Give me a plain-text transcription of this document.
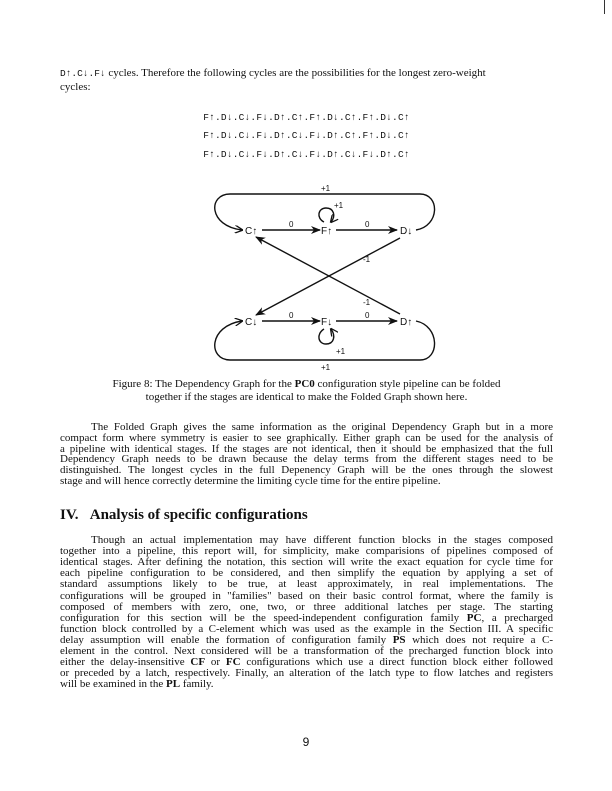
D↑.C↓.F↓ cycles. Therefore the following cycles are the possibilities for the longest zero-weight
cycles:
F↑.D↓.C↓.F↓.D↑.C↑.F↑.D↓.C↑.F↑.D↓.C↑
F↑.D↓.C↓.F↓.D↑.C↓.F↓.D↑.C↑.F↑.D↓.C↑
F↑.D↓.C↓.F↓.D↑.C↓.F↓.D↑.C↓.F↓.D↑.C↑
C↑	F↑	D↓
C↓	F↓	D↑
+1
+1
0	0
-1
-1
0	0
+1
+1
Figure 8: The Dependency Graph for the PC0 configuration style pipeline can be folded
together if the stages are identical to make the Folded Graph shown here.
The Folded Graph gives the same information as the original Dependency Graph but in a more
compact form where symmetry is easier to see graphically. Either graph can be used for the analysis of
a pipeline with identical stages. If the stages are not identical, then it should be emphasized that the full
Dependency Graph needs to be drawn because the delay terms from the different stages need to be
distinguished. The longest cycles in the full Depenency Graph will be the ones through the slowest
stage and will hence correctly determine the limiting cycle time for the entire pipeline.
IV. Analysis of specific configurations
Though an actual implementation may have different function blocks in the stages composed
together into a pipeline, this report will, for simplicity, make comparisions of pipelines composed of
identical stages. After defining the notation, this section will write the exact equation for cycle time for
each pipeline configuration to be considered, and then simplify the equation by applying a set of
standard assumptions likely to be true, at least approximately, in real implementations. The
configurations will be grouped in "families" based on their basic control format, where the family is
composed of members with zero, one, two, or three additional latches per stage. The starting
configuration for this section will be the speed-independent configuration family PC, a precharged
function block controlled by a C-element which was used as the example in the Section III. A specific
delay assumption will enable the formation of configuration family PS which does not require a C-
element in the control. Next considered will be a transformation of the precharged function block into
either the delay-insensitive CF or FC configurations which use a direct function block either followed
or preceded by a latch, respectively. Finally, an alteration of the latch type to flow latches and registers
will be examined in the PL family.
9
